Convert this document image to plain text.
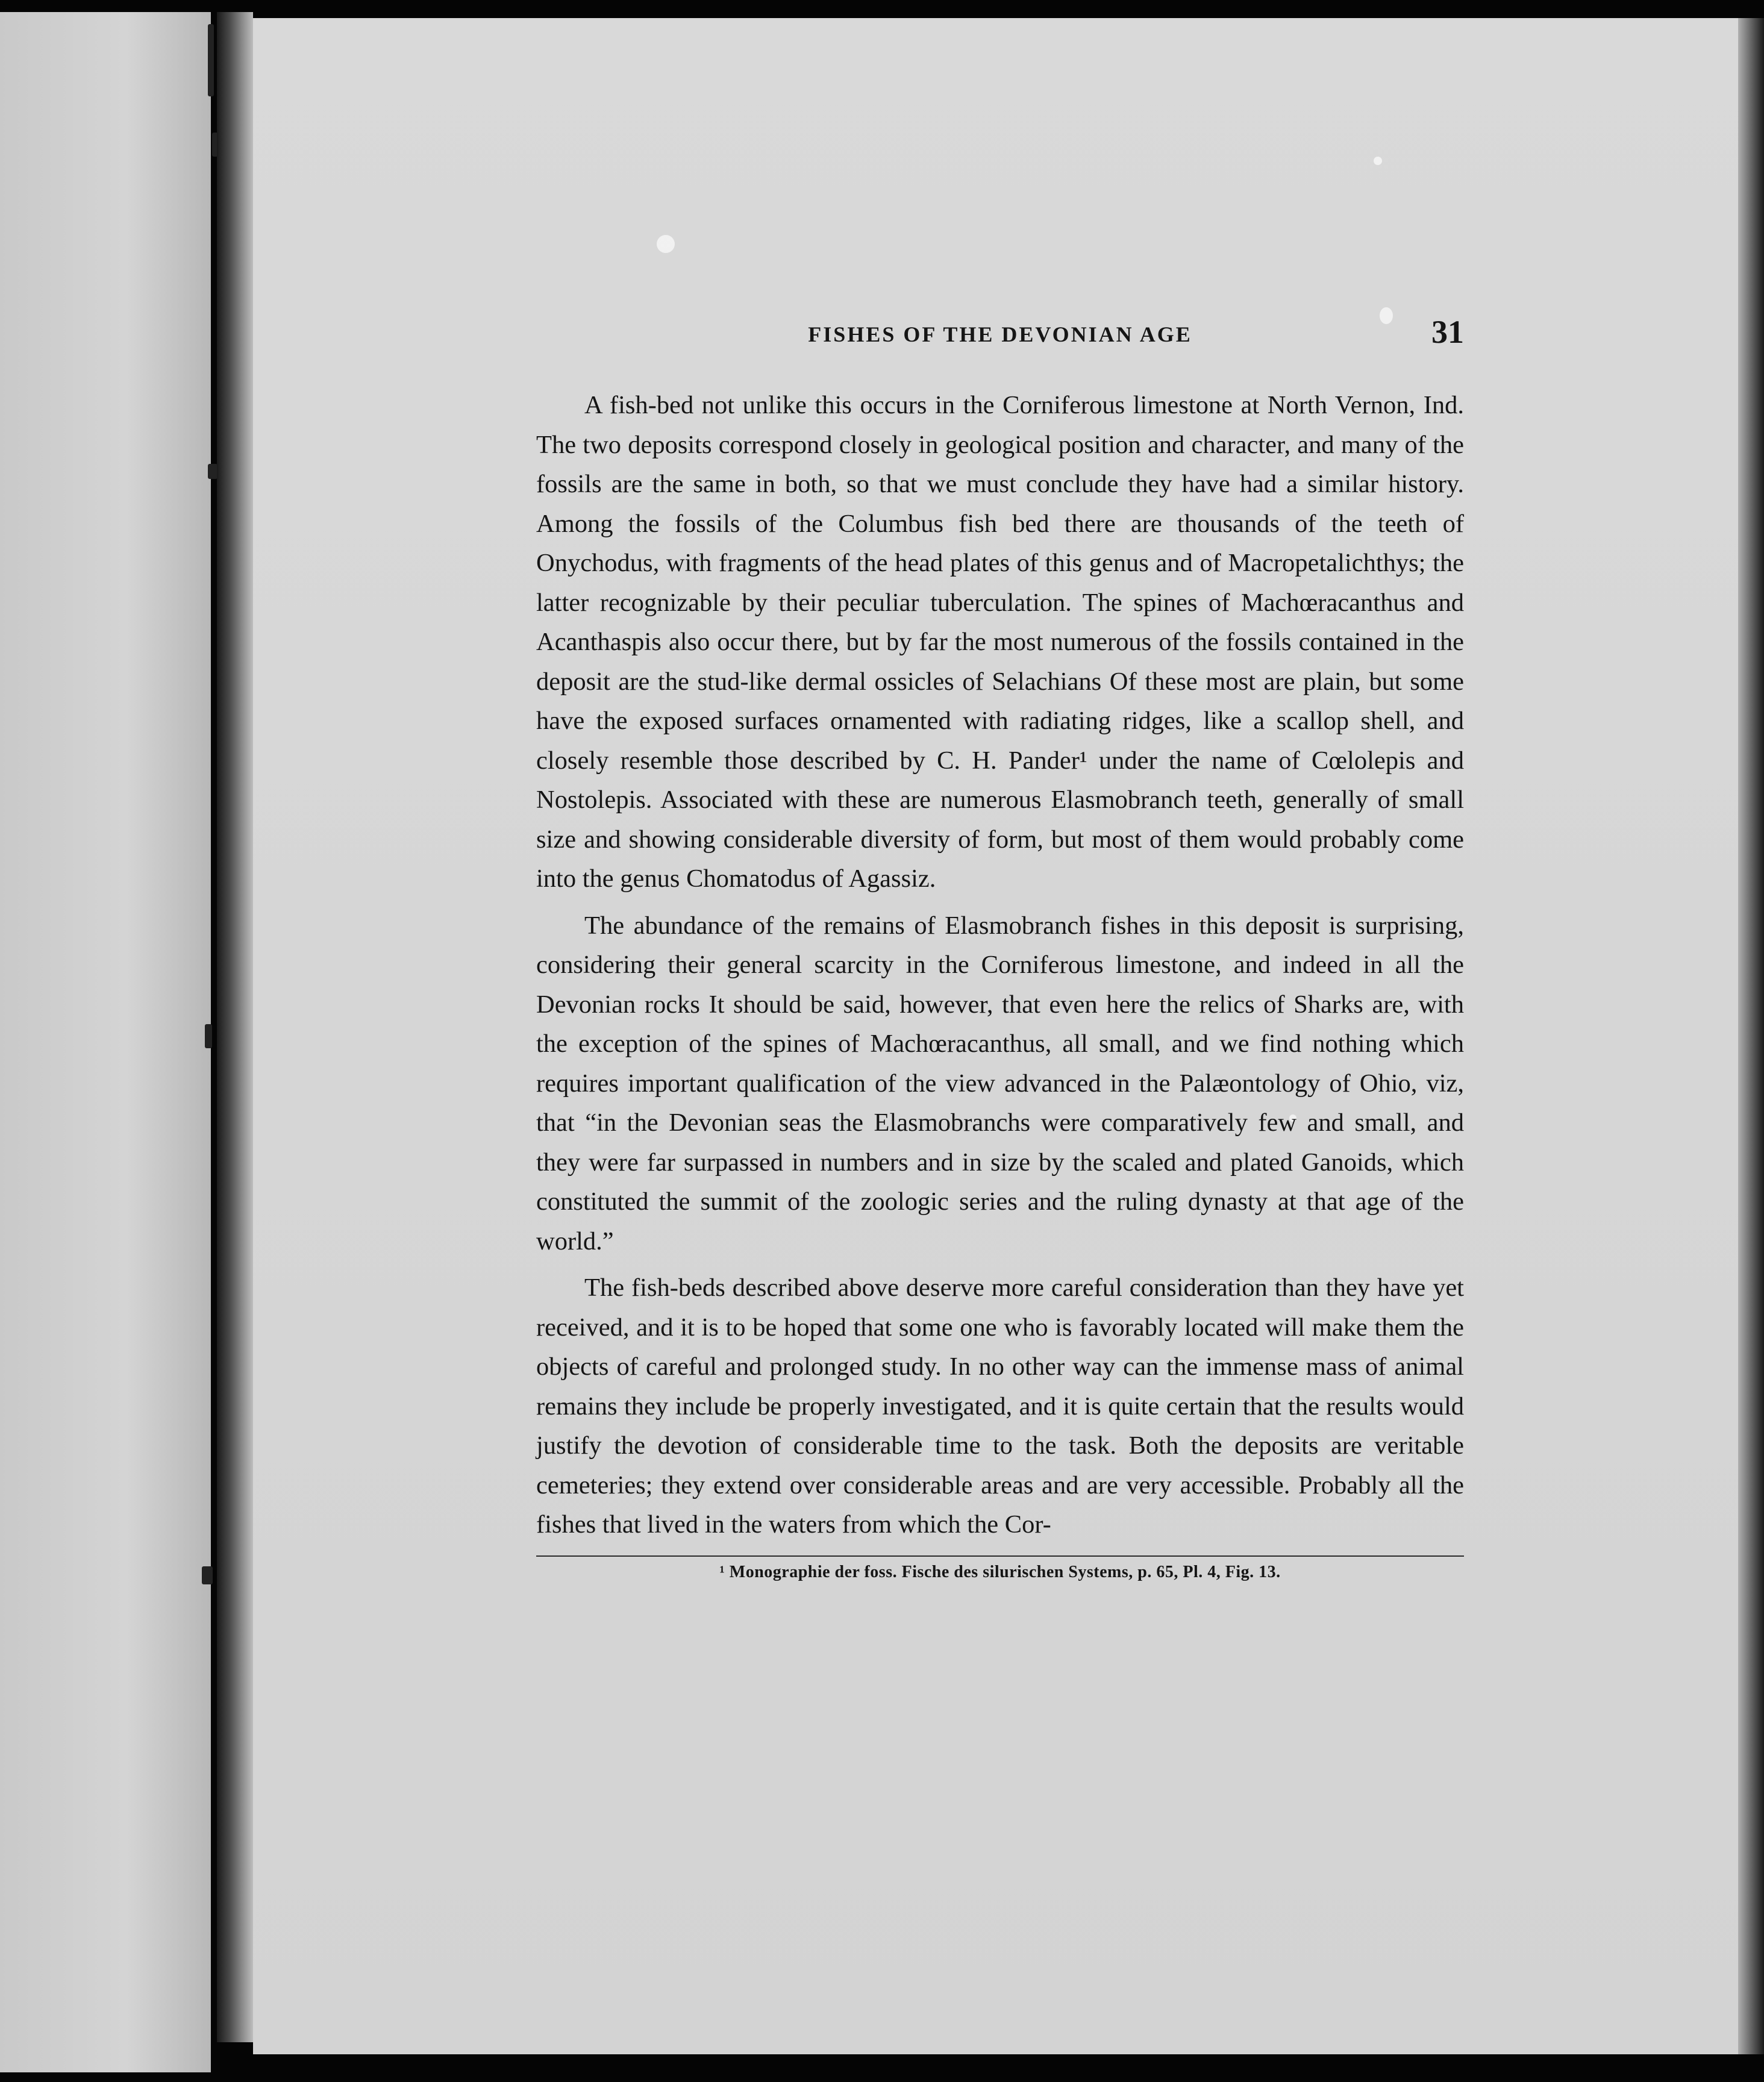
FISHES OF THE DEVONIAN AGE	31

A fish-bed not unlike this occurs in the Corniferous limestone at North Vernon, Ind. The two deposits correspond closely in geological position and character, and many of the fossils are the same in both, so that we must conclude they have had a similar history. Among the fossils of the Columbus fish bed there are thousands of the teeth of Onychodus, with fragments of the head plates of this genus and of Macropetalichthys; the latter recognizable by their peculiar tuberculation. The spines of Machœracanthus and Acanthaspis also occur there, but by far the most numerous of the fossils contained in the deposit are the stud-like dermal ossicles of Selachians Of these most are plain, but some have the exposed surfaces ornamented with radiating ridges, like a scallop shell, and closely resemble those described by C. H. Pander¹ under the name of Cœlolepis and Nostolepis. Associated with these are numerous Elasmobranch teeth, generally of small size and showing considerable diversity of form, but most of them would probably come into the genus Chomatodus of Agassiz.

The abundance of the remains of Elasmobranch fishes in this deposit is surprising, considering their general scarcity in the Corniferous limestone, and indeed in all the Devonian rocks It should be said, however, that even here the relics of Sharks are, with the exception of the spines of Machœracanthus, all small, and we find nothing which requires important qualification of the view advanced in the Palæontology of Ohio, viz, that “in the Devonian seas the Elasmobranchs were comparatively few and small, and they were far surpassed in numbers and in size by the scaled and plated Ganoids, which constituted the summit of the zoologic series and the ruling dynasty at that age of the world.”

The fish-beds described above deserve more careful consideration than they have yet received, and it is to be hoped that some one who is favorably located will make them the objects of careful and prolonged study. In no other way can the immense mass of animal remains they include be properly investigated, and it is quite certain that the results would justify the devotion of considerable time to the task. Both the deposits are veritable cemeteries; they extend over considerable areas and are very accessible. Probably all the fishes that lived in the waters from which the Cor-

¹ Monographie der foss. Fische des silurischen Systems, p. 65, Pl. 4, Fig. 13.
